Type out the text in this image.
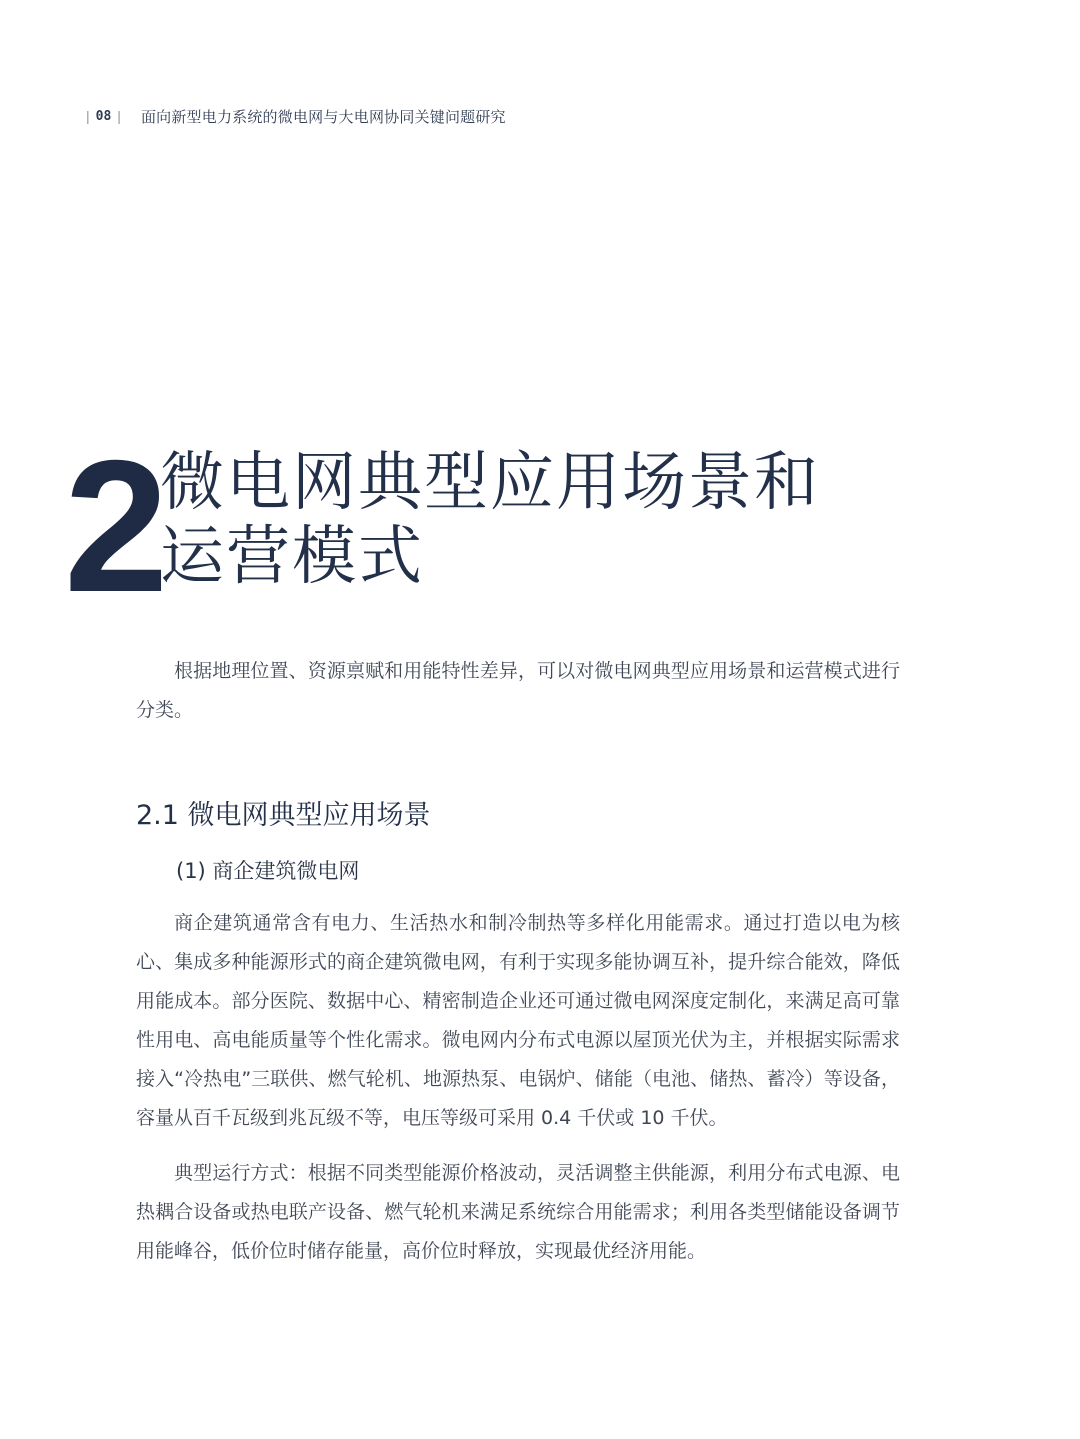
| 08 | 面向新型电力系统的微电网与大电网协同关键问题研究
2
微电网典型应用场景和
运营模式

根据地理位置、资源禀赋和用能特性差异，可以对微电网典型应用场景和运营模式进行分类。

2.1 微电网典型应用场景
(1) 商企建筑微电网

商企建筑通常含有电力、生活热水和制冷制热等多样化用能需求。通过打造以电为核心、集成多种能源形式的商企建筑微电网，有利于实现多能协调互补，提升综合能效，降低用能成本。部分医院、数据中心、精密制造企业还可通过微电网深度定制化，来满足高可靠性用电、高电能质量等个性化需求。微电网内分布式电源以屋顶光伏为主，并根据实际需求接入“冷热电”三联供、燃气轮机、地源热泵、电锅炉、储能（电池、储热、蓄冷）等设备，容量从百千瓦级到兆瓦级不等，电压等级可采用 0.4 千伏或 10 千伏。

典型运行方式：根据不同类型能源价格波动，灵活调整主供能源，利用分布式电源、电热耦合设备或热电联产设备、燃气轮机来满足系统综合用能需求；利用各类型储能设备调节用能峰谷，低价位时储存能量，高价位时释放，实现最优经济用能。
